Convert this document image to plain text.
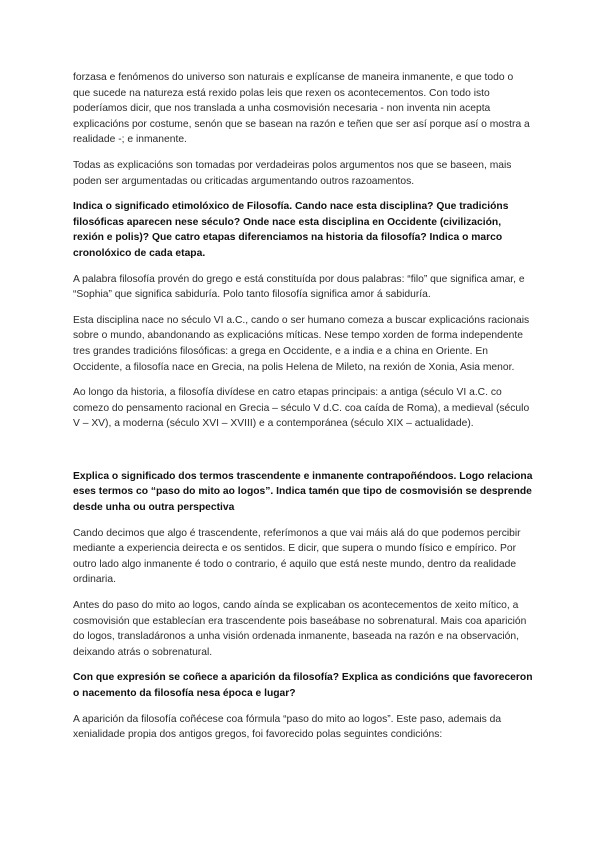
forzasa e fenómenos do universo son naturais e explícanse de maneira inmanente, e que todo o que sucede na natureza está rexido polas leis que rexen os acontecementos. Con todo isto poderíamos dicir, que nos translada a unha cosmovisión necesaria - non inventa nin acepta explicacións por costume, senón que se basean na razón e teñen que ser así porque así o mostra a realidade -; e inmanente.

Todas as explicacións son tomadas por verdadeiras polos argumentos nos que se baseen, mais poden ser argumentadas ou criticadas argumentando outros razoamentos.

Indica o significado etimolóxico de Filosofía. Cando nace esta disciplina? Que tradicións filosóficas aparecen nese século? Onde nace esta disciplina en Occidente (civilización, rexión e polis)? Que catro etapas diferenciamos na historia da filosofía? Indica o marco cronolóxico de cada etapa.

A palabra filosofía provén do grego e está constituída por dous palabras: “filo” que significa amar, e “Sophia” que significa sabiduría. Polo tanto filosofía significa amor á sabiduría.

Esta disciplina nace no século VI a.C., cando o ser humano comeza a buscar explicacións racionais sobre o mundo, abandonando as explicacións míticas. Nese tempo xorden de forma independente tres grandes tradicións filosóficas: a grega en Occidente, e a india e a china en Oriente. En Occidente, a filosofía nace en Grecia, na polis Helena de Mileto, na rexión de Xonia, Asia menor.

Ao longo da historia, a filosofía divídese en catro etapas principais: a antiga (século VI a.C. co comezo do pensamento racional en Grecia – século V d.C. coa caída de Roma), a medieval (século V – XV), a moderna (século XVI – XVIII) e a contemporánea (século XIX – actualidade).

Explica o significado dos termos trascendente e inmanente contrapoñéndoos. Logo relaciona eses termos co “paso do mito ao logos”. Indica tamén que tipo de cosmovisión se desprende desde unha ou outra perspectiva

Cando decimos que algo é trascendente, referímonos a que vai máis alá do que podemos percibir mediante a experiencia deirecta e os sentidos. E dicir, que supera o mundo físico e empírico. Por outro lado algo inmanente é todo o contrario, é aquilo que está neste mundo, dentro da realidade ordinaria.

Antes do paso do mito ao logos, cando aínda se explicaban os acontecementos de xeito mítico, a cosmovisión que establecían era trascendente pois baseábase no sobrenatural. Mais coa aparición do logos, transladáronos a unha visión ordenada inmanente, baseada na razón e na observación, deixando atrás o sobrenatural.

Con que expresión se coñece a aparición da filosofía? Explica as condicións que favoreceron o nacemento da filosofía nesa época e lugar?

A aparición da filosofía coñécese coa fórmula “paso do mito ao logos”. Este paso, ademais da xenialidade propia dos antigos gregos, foi favorecido polas seguintes condicións:
